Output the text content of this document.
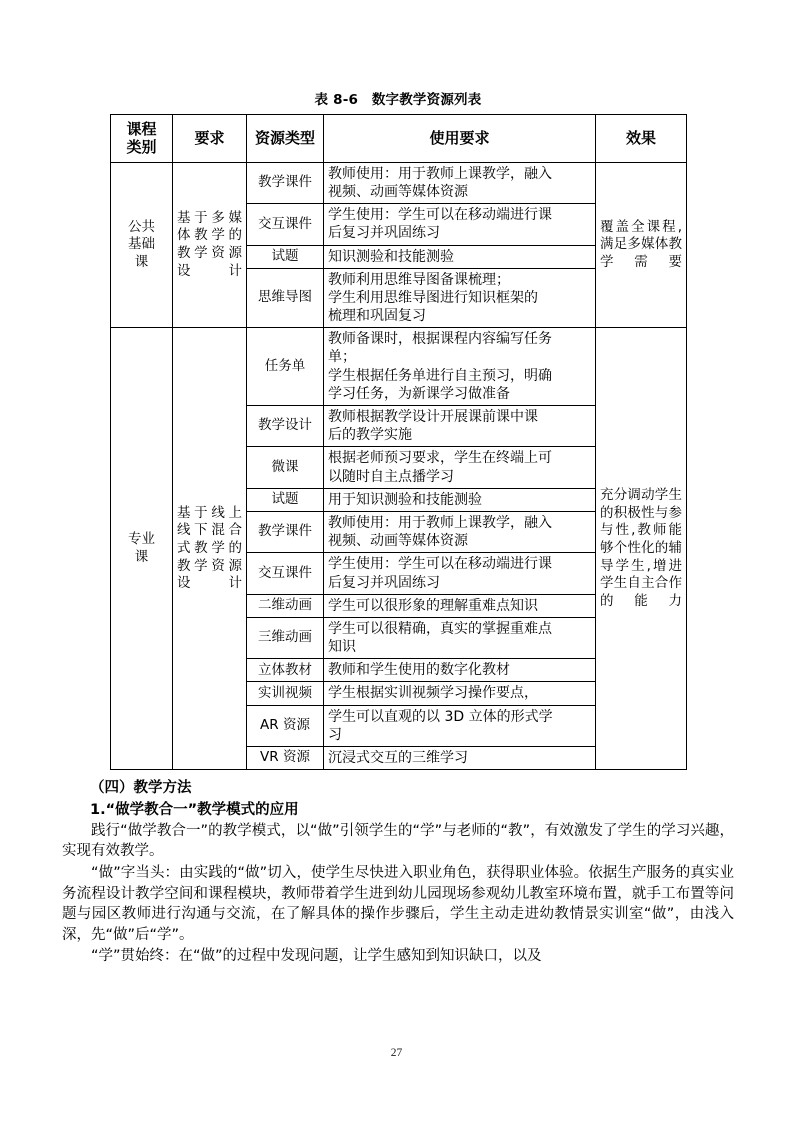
表 8-6　数字教学资源列表
课程
类别	要求	资源类型	使用要求	效果
公共
基础
课	基于多媒体教学的教学资源设计	教学课件	教师使用：用于教师上课教学，融入
视频、动画等媒体资源	覆盖全课程,满足多媒体教学需要
		交互课件	学生使用：学生可以在移动端进行课
后复习并巩固练习	

		试题	知识测验和技能测验	

		思维导图	教师利用思维导图备课梳理；
学生利用思维导图进行知识框架的
梳理和巩固复习	

专业
课	基于线上线下混合式教学的教学资源设计	任务单	教师备课时，根据课程内容编写任务
单；
学生根据任务单进行自主预习，明确
学习任务，为新课学习做准备	充分调动学生的积极性与参与性,教师能够个性化的辅导学生,增进学生自主合作的能力
		教学设计	教师根据教学设计开展课前课中课
后的教学实施	

		微课	根据老师预习要求，学生在终端上可
以随时自主点播学习	

		试题	用于知识测验和技能测验	

		教学课件	教师使用：用于教师上课教学，融入
视频、动画等媒体资源	

		交互课件	学生使用：学生可以在移动端进行课
后复习并巩固练习	

		二维动画	学生可以很形象的理解重难点知识	

		三维动画	学生可以很精确，真实的掌握重难点
知识	

		立体教材	教师和学生使用的数字化教材	

		实训视频	学生根据实训视频学习操作要点，	

		AR 资源	学生可以直观的以 3D 立体的形式学
习	

		VR 资源	沉浸式交互的三维学习	

（四）教学方法

1.“做学教合一”教学模式的应用

践行“做学教合一”的教学模式，以“做”引领学生的“学”与老师的“教”，有效激发了学生的学习兴趣，实现有效教学。

“做”字当头：由实践的“做”切入，使学生尽快进入职业角色，获得职业体验。依据生产服务的真实业务流程设计教学空间和课程模块，教师带着学生进到幼儿园现场参观幼儿教室环境布置，就手工布置等问题与园区教师进行沟通与交流，在了解具体的操作步骤后，学生主动走进幼教情景实训室“做”，由浅入深，先“做”后“学”。

“学”贯始终：在“做”的过程中发现问题，让学生感知到知识缺口，以及

27
